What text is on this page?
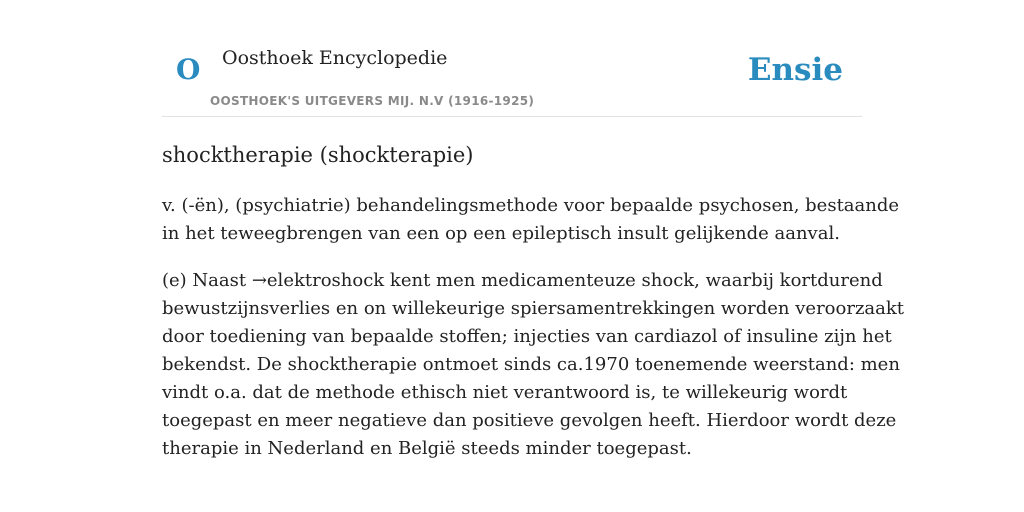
O Oosthoek Encyclopedie
OOSTHOEK'S UITGEVERS MIJ. N.V (1916-1925)
Ensie
shocktherapie (shockterapie)

v. (-ën), (psychiatrie) behandelingsmethode voor bepaalde psychosen, bestaande
in het teweegbrengen van een op een epileptisch insult gelijkende aanval.

(e) Naast →elektroshock kent men medicamenteuze shock, waarbij kortdurend
bewustzijnsverlies en on willekeurige spiersamentrekkingen worden veroorzaakt
door toediening van bepaalde stoffen; injecties van cardiazol of insuline zijn het
bekendst. De shocktherapie ontmoet sinds ca.1970 toenemende weerstand: men
vindt o.a. dat de methode ethisch niet verantwoord is, te willekeurig wordt
toegepast en meer negatieve dan positieve gevolgen heeft. Hierdoor wordt deze
therapie in Nederland en België steeds minder toegepast.
